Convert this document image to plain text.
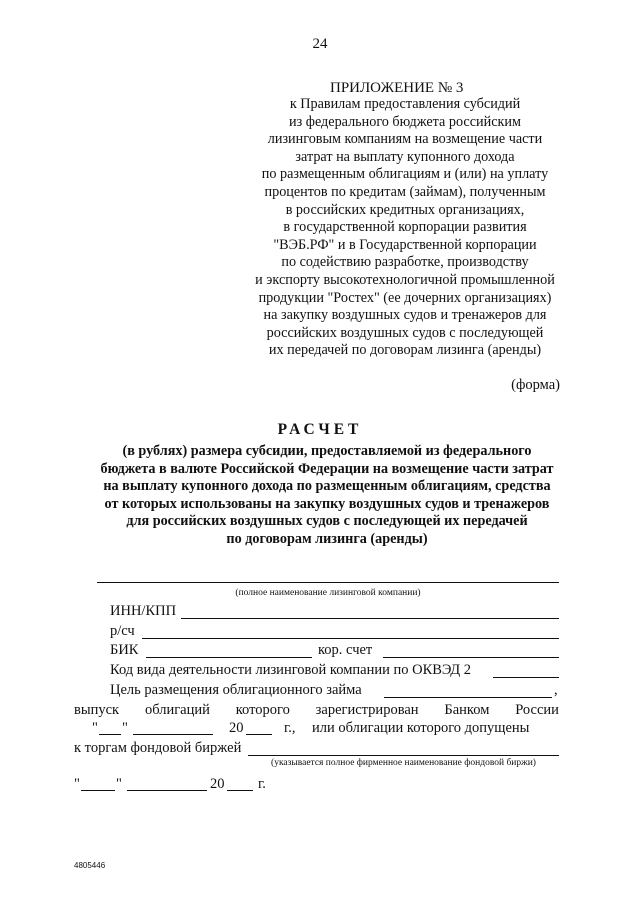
24
ПРИЛОЖЕНИЕ № 3
к Правилам предоставления субсидий
из федерального бюджета российским
лизинговым компаниям на возмещение части
затрат на выплату купонного дохода
по размещенным облигациям и (или) на уплату
процентов по кредитам (займам), полученным
в российских кредитных организациях,
в государственной корпорации развития
"ВЭБ.РФ" и в Государственной корпорации
по содействию разработке, производству
и экспорту высокотехнологичной промышленной
продукции "Ростех" (ее дочерних организациях)
на закупку воздушных судов и тренажеров для
российских воздушных судов с последующей
их передачей по договорам лизинга (аренды)
(форма)
РАСЧЕТ
(в рублях) размера субсидии, предоставляемой из федерального
бюджета в валюте Российской Федерации на возмещение части затрат
на выплату купонного дохода по размещенным облигациям, средства
от которых использованы на закупку воздушных судов и тренажеров
для российских воздушных судов с последующей их передачей
по договорам лизинга (аренды)
(полное наименование лизинговой компании)
ИНН/КПП
р/сч
БИК	кор. счет
Код вида деятельности лизинговой компании по ОКВЭД 2
Цель размещения облигационного займа	,
выпуск облигаций которого зарегистрирован Банком России
" "	20	г., или облигации которого допущены
к торгам фондовой биржей
(указывается полное фирменное наименование фондовой биржи)
" "	20 г.
4805446
